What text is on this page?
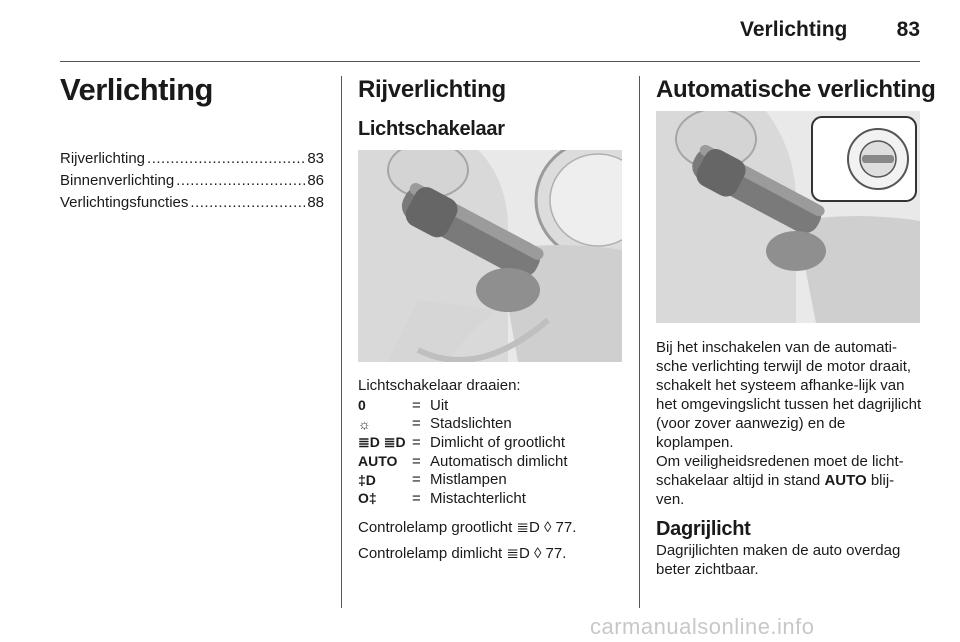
Verlichting	83
Verlichting
Rijverlichting .....	83
Binnenverlichting .....	86
Verlichtingsfuncties .....	88
Rijverlichting
Lichtschakelaar
Lichtschakelaar draaien:
0	= Uit
☼	= Stadslichten
≣D ≣D = Dimlicht of grootlicht
AUTO = Automatisch dimlicht
‡D	= Mistlampen
O‡	= Mistachterlicht
Controlelamp grootlicht ≣D ◊ 77.
Controlelamp dimlicht ≣D ◊ 77.
Automatische verlichting
Bij het inschakelen van de automati-sche verlichting terwijl de motor draait, schakelt het systeem afhanke-lijk van het omgevingslicht tussen het dagrijlicht (voor zover aanwezig) en de koplampen.
Om veiligheidsredenen moet de licht-schakelaar altijd in stand AUTO blij-ven.
Dagrijlicht
Dagrijlichten maken de auto overdag beter zichtbaar.
carmanualsonline.info
